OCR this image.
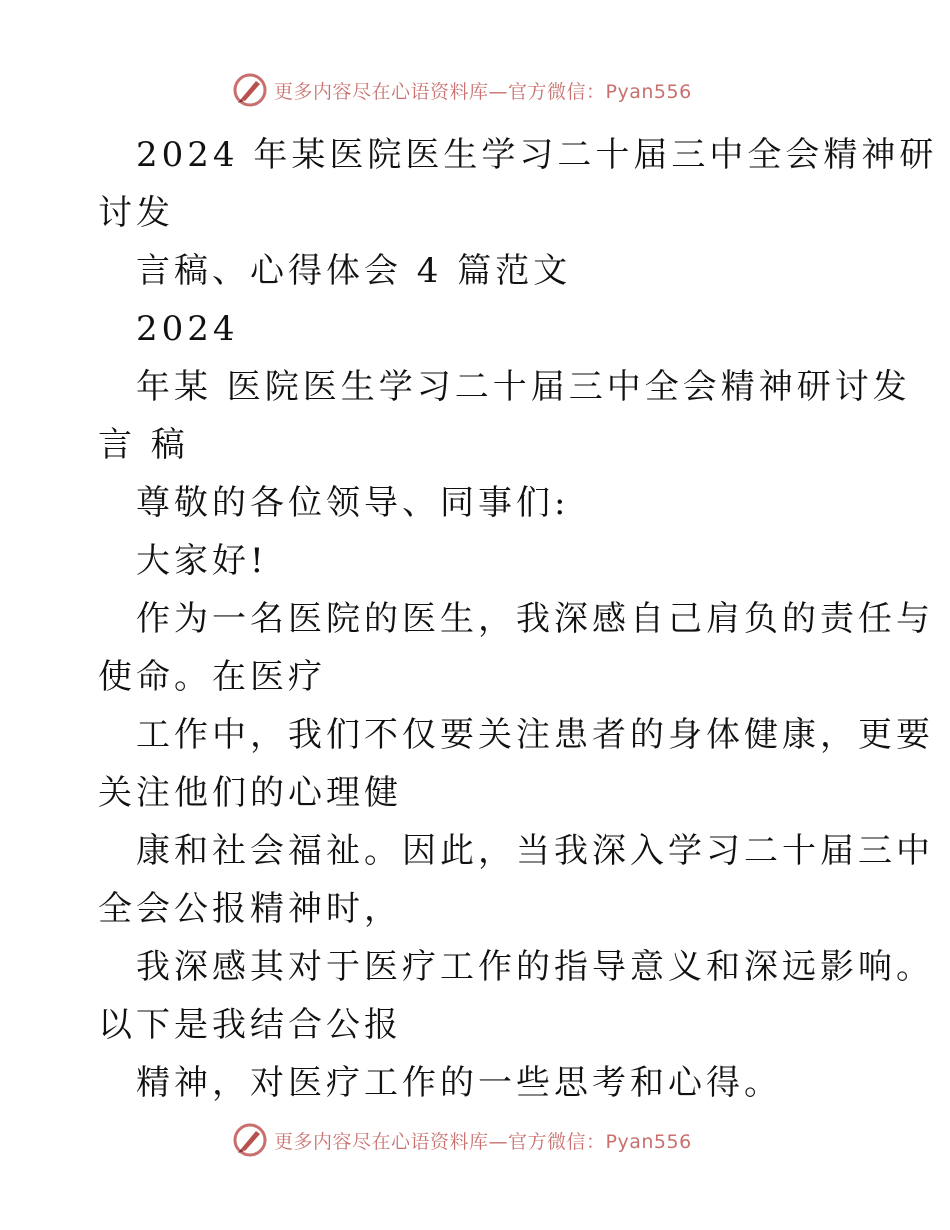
更多内容尽在心语资料库—官方微信：Pyan556
2024 年某医院医生学习二十届三中全会精神研
讨发
言稿、心得体会 4 篇范文
2024
年某 医院医生学习二十届三中全会精神研讨发
言 稿
尊敬的各位领导、同事们:
大家好!
作为一名医院的医生，我深感自己肩负的责任与
使命。在医疗
工作中，我们不仅要关注患者的身体健康，更要
关注他们的心理健
康和社会福祉。因此，当我深入学习二十届三中
全会公报精神时，
我深感其对于医疗工作的指导意义和深远影响。
以下是我结合公报
精神，对医疗工作的一些思考和心得。
更多内容尽在心语资料库—官方微信：Pyan556
